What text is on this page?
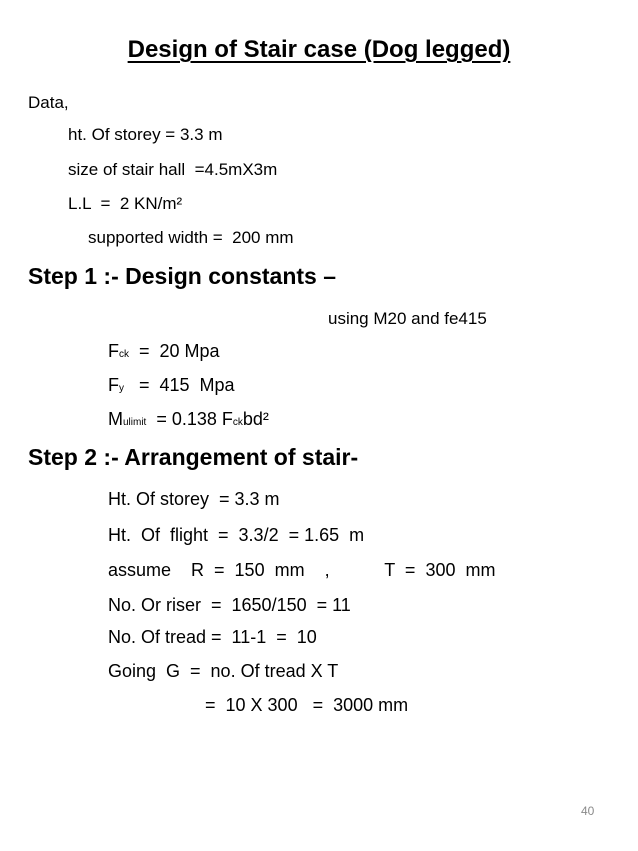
Design of Stair case (Dog legged)
Data,
ht. Of storey = 3.3 m
size of stair hall  =4.5mX3m
L.L  =  2 KN/m²
supported width =  200 mm
Step 1 :- Design constants –
using M20 and fe415
Fck  =  20 Mpa
Fy   =  415  Mpa
Mulimit  = 0.138 Fckbd²
Step 2 :- Arrangement of stair-
Ht. Of storey  = 3.3 m
Ht.  Of  flight  =  3.3/2  = 1.65  m
assume    R  =  150  mm    ,           T  =  300  mm
No. Or riser  =  1650/150  = 11
No. Of tread =  11-1  =  10
Going  G  =  no. Of tread X T
=  10 X 300   =  3000 mm
40
